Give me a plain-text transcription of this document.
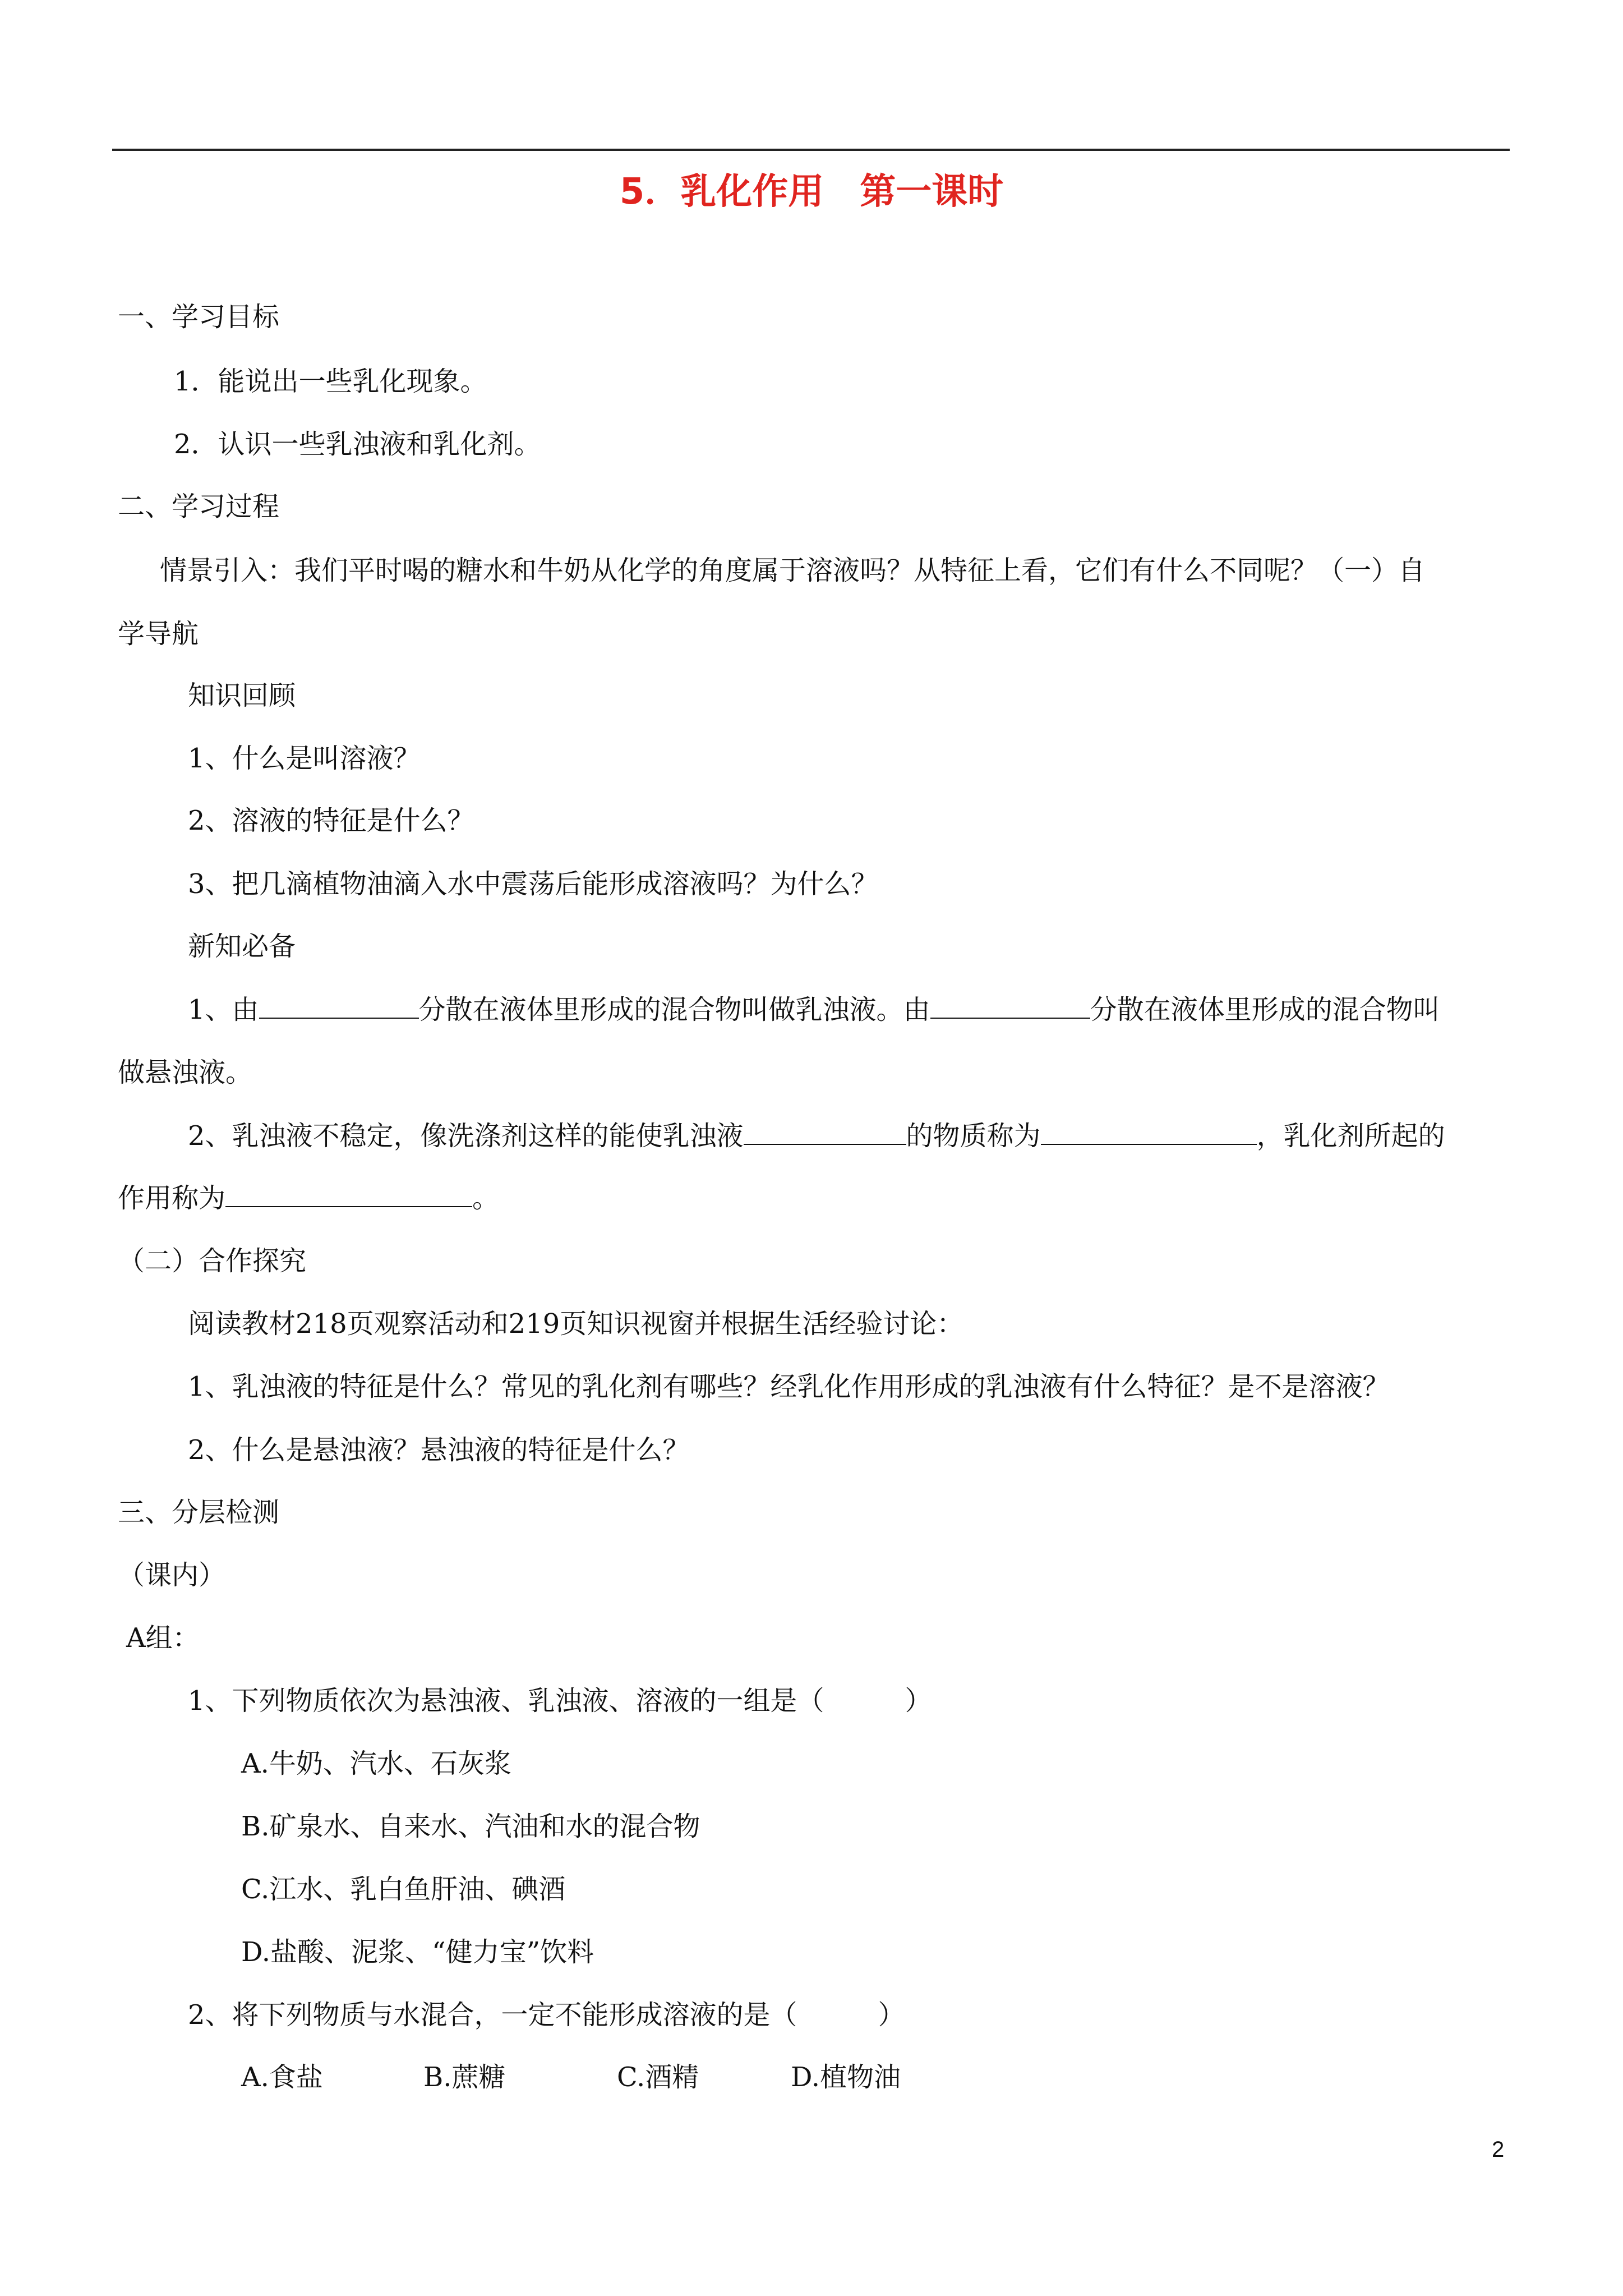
5．乳化作用　第一课时
一、学习目标
1．能说出一些乳化现象。
2．认识一些乳浊液和乳化剂。
二、学习过程
情景引入：我们平时喝的糖水和牛奶从化学的角度属于溶液吗？从特征上看，它们有什么不同呢？（一）自
学导航
知识回顾
1、什么是叫溶液？
2、溶液的特征是什么？
3、把几滴植物油滴入水中震荡后能形成溶液吗？为什么？
新知必备
1、由	分散在液体里形成的混合物叫做乳浊液。由	分散在液体里形成的混合物叫
做悬浊液。
2、乳浊液不稳定，像洗涤剂这样的能使乳浊液	的物质称为	，乳化剂所起的
作用称为	。
（二）合作探究
阅读教材218页观察活动和219页知识视窗并根据生活经验讨论：
1、乳浊液的特征是什么？常见的乳化剂有哪些？经乳化作用形成的乳浊液有什么特征？是不是溶液？
2、什么是悬浊液？悬浊液的特征是什么？
三、分层检测
（课内）
A组：
1、下列物质依次为悬浊液、乳浊液、溶液的一组是（　　　）
A.牛奶、汽水、石灰浆
B.矿泉水、自来水、汽油和水的混合物
C.江水、乳白鱼肝油、碘酒
D.盐酸、泥浆、“健力宝”饮料
2、将下列物质与水混合，一定不能形成溶液的是（　　　）
A.食盐	B.蔗糖	C.酒精	D.植物油
2
